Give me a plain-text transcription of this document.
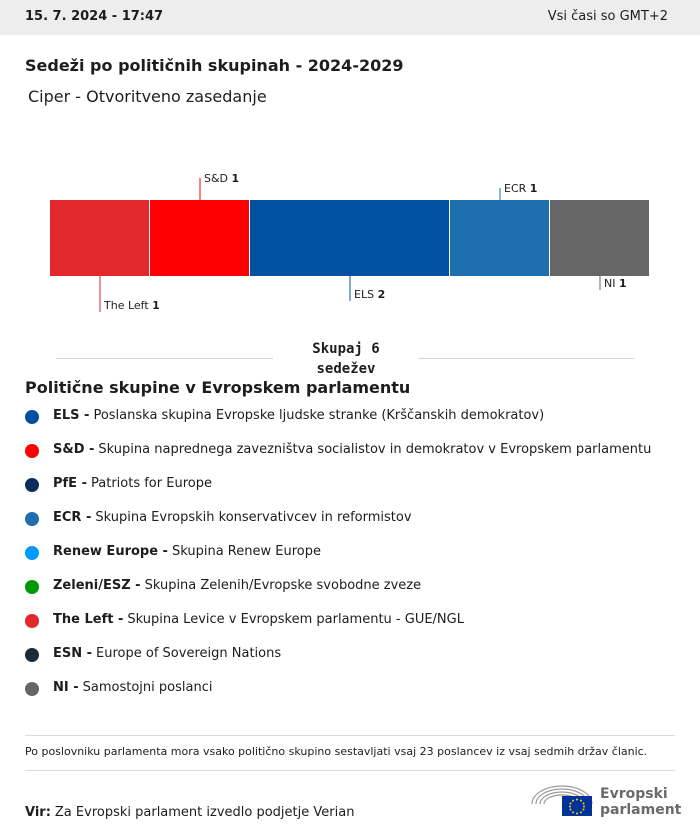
15. 7. 2024 - 17:47	Vsi časi so GMT+2
Sedeži po političnih skupinah - 2024-2029
Ciper - Otvoritveno zasedanje
The Left 1
S&D 1
ELS 2
ECR 1
NI 1
Skupaj 6
sedežev
Politične skupine v Evropskem parlamentu
ELS - Poslanska skupina Evropske ljudske stranke (Krščanskih demokratov)
S&D - Skupina naprednega zavezništva socialistov in demokratov v Evropskem parlamentu
PfE - Patriots for Europe
ECR - Skupina Evropskih konservativcev in reformistov
Renew Europe - Skupina Renew Europe
Zeleni/ESZ - Skupina Zelenih/Evropske svobodne zveze
The Left - Skupina Levice v Evropskem parlamentu - GUE/NGL
ESN - Europe of Sovereign Nations
NI - Samostojni poslanci
Po poslovniku parlamenta mora vsako politično skupino sestavljati vsaj 23 poslancev iz vsaj sedmih držav članic.
Vir: Za Evropski parlament izvedlo podjetje Verian
Evropski
parlament
